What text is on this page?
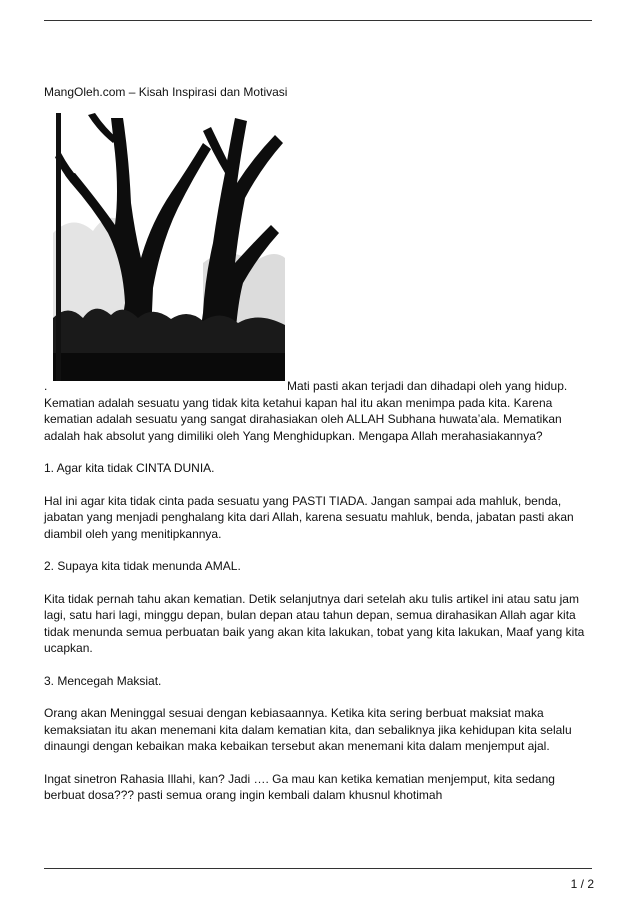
MangOleh.com – Kisah Inspirasi dan Motivasi

.	Mati pasti akan terjadi dan dihadapi oleh yang hidup.
Kematian adalah sesuatu yang tidak kita ketahui kapan hal itu akan menimpa pada kita. Karena kematian adalah sesuatu yang sangat dirahasiakan oleh ALLAH Subhana huwata’ala. Mematikan adalah hak absolut yang dimiliki oleh Yang Menghidupkan. Mengapa Allah merahasiakannya?

1. Agar kita tidak CINTA DUNIA.

Hal ini agar kita tidak cinta pada sesuatu yang PASTI TIADA. Jangan sampai ada mahluk, benda, jabatan yang menjadi penghalang kita dari Allah, karena sesuatu mahluk, benda, jabatan pasti akan diambil oleh yang menitipkannya.

2. Supaya kita tidak menunda AMAL.

Kita tidak pernah tahu akan kematian. Detik selanjutnya dari setelah aku tulis artikel ini atau satu jam lagi, satu hari lagi, minggu depan, bulan depan atau tahun depan, semua dirahasikan Allah agar kita tidak menunda semua perbuatan baik yang akan kita lakukan, tobat yang kita lakukan, Maaf yang kita ucapkan.

3. Mencegah Maksiat.

Orang akan Meninggal sesuai dengan kebiasaannya. Ketika kita sering berbuat maksiat maka kemaksiatan itu akan menemani kita dalam kematian kita, dan sebaliknya jika kehidupan kita selalu dinaungi dengan kebaikan maka kebaikan tersebut akan menemani kita dalam menjemput ajal.

Ingat sinetron Rahasia Illahi, kan? Jadi …. Ga mau kan ketika kematian menjemput, kita sedang berbuat dosa??? pasti semua orang ingin kembali dalam khusnul khotimah

1 / 2
